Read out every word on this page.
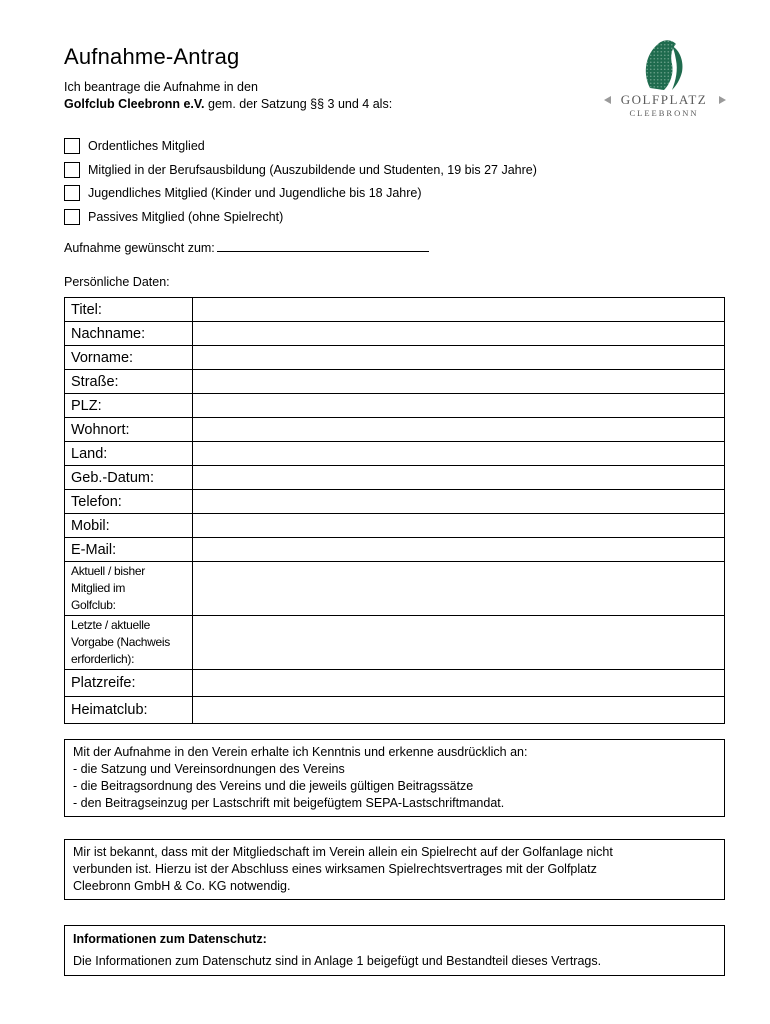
Aufnahme-Antrag
Ich beantrage die Aufnahme in den
Golfclub Cleebronn e.V. gem. der Satzung §§ 3 und 4 als:	GOLFPLATZ
CLEEBRONN
Ordentliches Mitglied
Mitglied in der Berufsausbildung (Auszubildende und Studenten, 19 bis 27 Jahre)
Jugendliches Mitglied (Kinder und Jugendliche bis 18 Jahre)
Passives Mitglied (ohne Spielrecht)
Aufnahme gewünscht zum:
Persönliche Daten:
Titel:	
Nachname:	
Vorname:	
Straße:	
PLZ:	
Wohnort:	
Land:	
Geb.-Datum:	
Telefon:	
Mobil:	
E-Mail:	

Aktuell / bisher
Mitglied im
Golfclub:

Letzte / aktuelle
Vorgabe (Nachweis
erforderlich):

Platzreife:	
Heimatclub:	
Mit der Aufnahme in den Verein erhalte ich Kenntnis und erkenne ausdrücklich an:
- die Satzung und Vereinsordnungen des Vereins
- die Beitragsordnung des Vereins und die jeweils gültigen Beitragssätze
- den Beitragseinzug per Lastschrift mit beigefügtem SEPA-Lastschriftmandat.
Mir ist bekannt, dass mit der Mitgliedschaft im Verein allein ein Spielrecht auf der Golfanlage nicht
verbunden ist. Hierzu ist der Abschluss eines wirksamen Spielrechtsvertrages mit der Golfplatz
Cleebronn GmbH & Co. KG notwendig.
Informationen zum Datenschutz:
Die Informationen zum Datenschutz sind in Anlage 1 beigefügt und Bestandteil dieses Vertrags.
